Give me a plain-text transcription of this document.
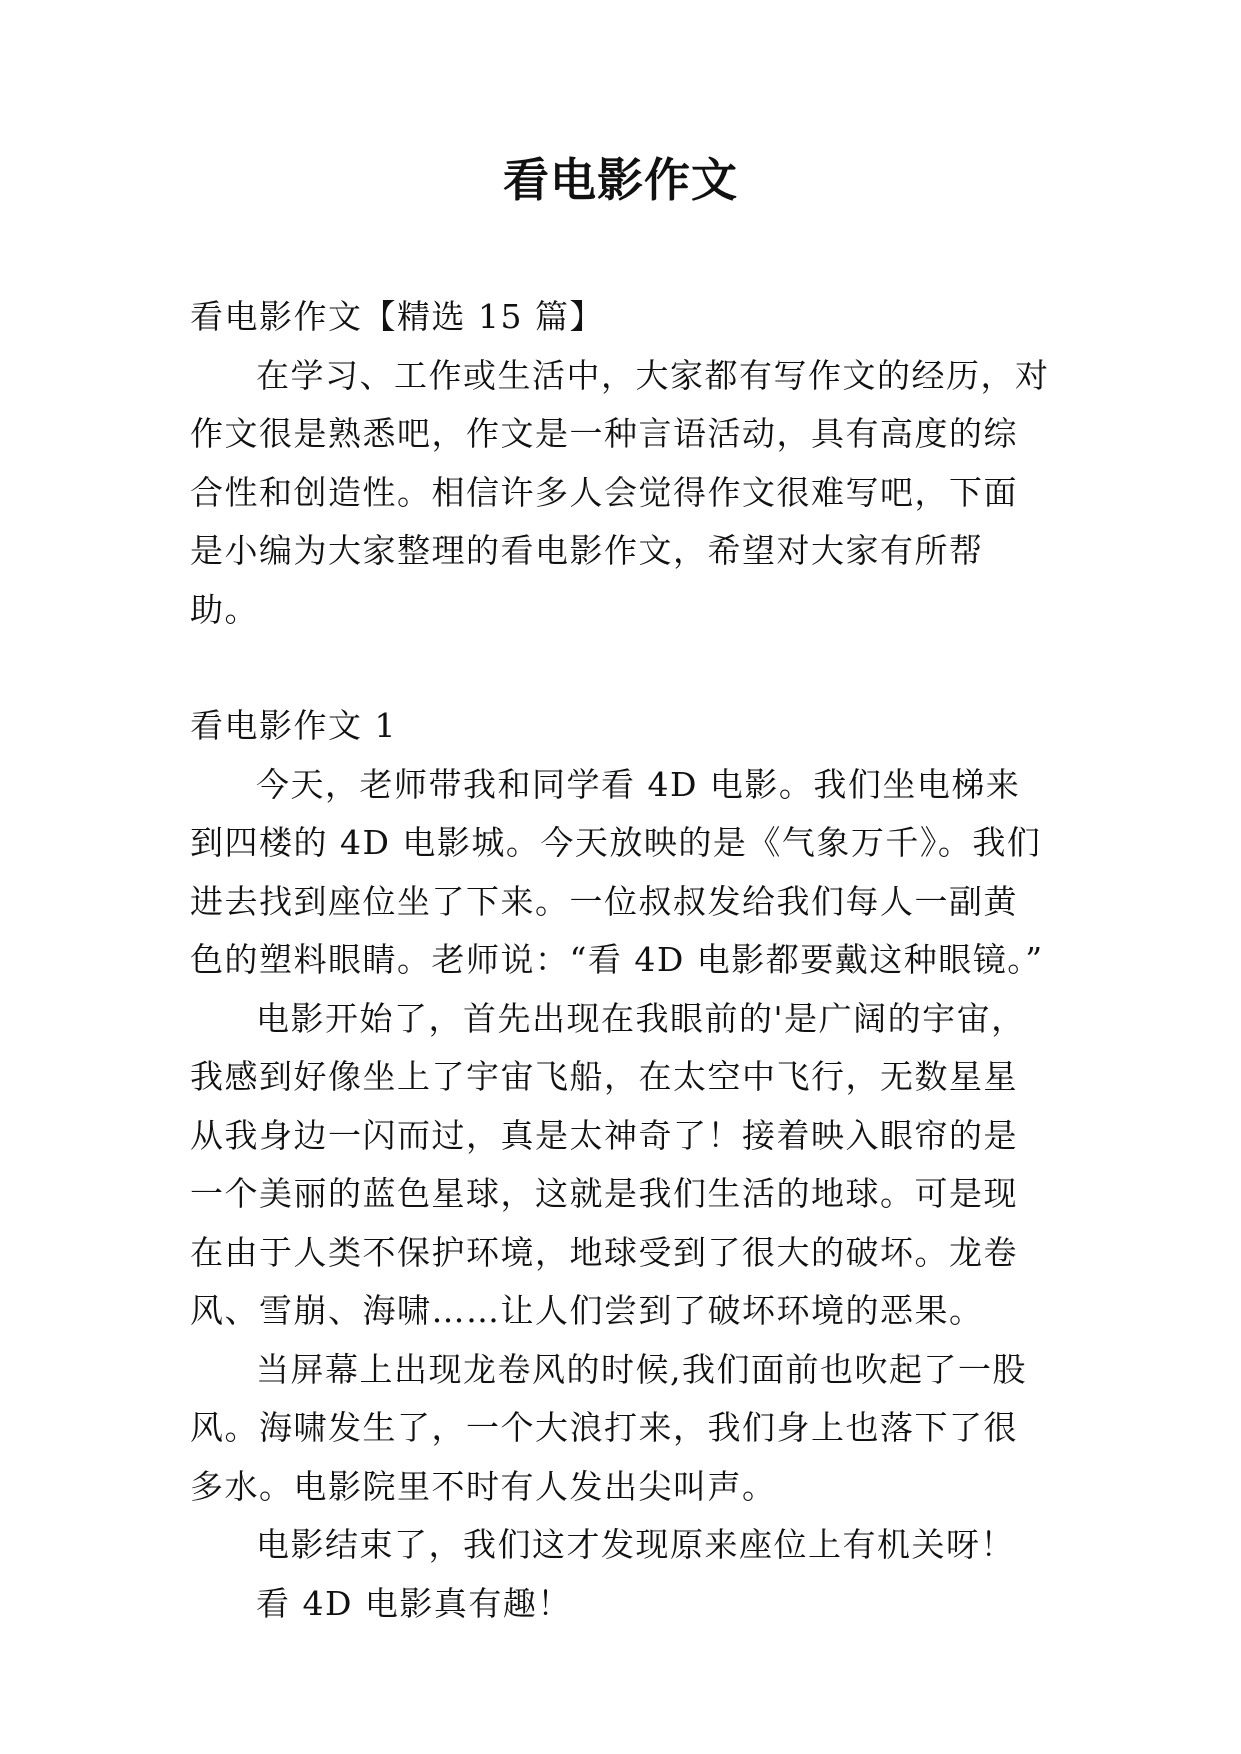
看电影作文

看电影作文【精选 15 篇】

在学习、工作或生活中，大家都有写作文的经历，对作文很是熟悉吧，作文是一种言语活动，具有高度的综合性和创造性。相信许多人会觉得作文很难写吧，下面是小编为大家整理的看电影作文，希望对大家有所帮助。

看电影作文 1

今天，老师带我和同学看 4D 电影。我们坐电梯来到四楼的 4D 电影城。今天放映的是《气象万千》。我们进去找到座位坐了下来。一位叔叔发给我们每人一副黄色的塑料眼睛。老师说：“看 4D 电影都要戴这种眼镜。”

电影开始了，首先出现在我眼前的'是广阔的宇宙，我感到好像坐上了宇宙飞船，在太空中飞行，无数星星从我身边一闪而过，真是太神奇了！接着映入眼帘的是一个美丽的蓝色星球，这就是我们生活的地球。可是现在由于人类不保护环境，地球受到了很大的破坏。龙卷风、雪崩、海啸……让人们尝到了破坏环境的恶果。

当屏幕上出现龙卷风的时候,我们面前也吹起了一股风。海啸发生了，一个大浪打来，我们身上也落下了很多水。电影院里不时有人发出尖叫声。

电影结束了，我们这才发现原来座位上有机关呀！

看 4D 电影真有趣！
